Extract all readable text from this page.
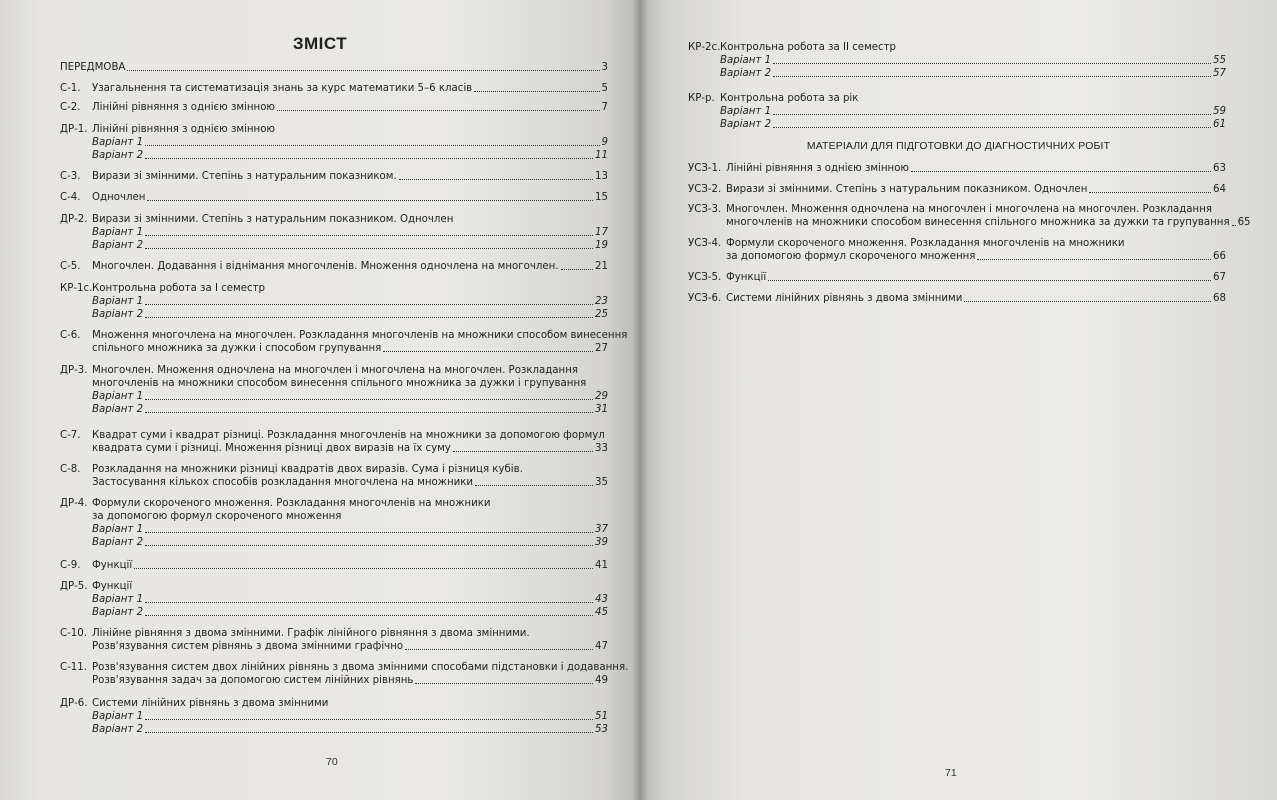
ЗМІСТ
ПЕРЕДМОВА	3
С-1. Узагальнення та систематизація знань за курс математики 5–6 класів	5
С-2. Лінійні рівняння з однією змінною	7
ДР-1. Лінійні рівняння з однією змінною
Варіант 1	9
Варіант 2	11
С-3. Вирази зі змінними. Степінь з натуральним показником.	13
С-4. Одночлен	15
ДР-2. Вирази зі змінними. Степінь з натуральним показником. Одночлен
Варіант 1	17
Варіант 2	19
С-5. Многочлен. Додавання і віднімання многочленів. Множення одночлена на многочлен.	21
КР-1с. Контрольна робота за І семестр
Варіант 1	23
Варіант 2	25
С-6. Множення многочлена на многочлен. Розкладання многочленів на множники способом винесення
спільного множника за дужки і способом групування	27
ДР-3. Многочлен. Множення одночлена на многочлен і многочлена на многочлен. Розкладання
многочленів на множники способом винесення спільного множника за дужки і групування
Варіант 1	29
Варіант 2	31
С-7. Квадрат суми і квадрат різниці. Розкладання многочленів на множники за допомогою формул
квадрата суми і різниці. Множення різниці двох виразів на їх суму	33
С-8. Розкладання на множники різниці квадратів двох виразів. Сума і різниця кубів.
Застосування кількох способів розкладання многочлена на множники	35
ДР-4. Формули скороченого множення. Розкладання многочленів на множники
за допомогою формул скороченого множення
Варіант 1	37
Варіант 2	39
С-9. Функції	41
ДР-5. Функції
Варіант 1	43
Варіант 2	45
С-10. Лінійне рівняння з двома змінними. Графік лінійного рівняння з двома змінними.
Розв'язування систем рівнянь з двома змінними графічно	47
С-11. Розв'язування систем двох лінійних рівнянь з двома змінними способами підстановки і додавання.
Розв'язування задач за допомогою систем лінійних рівнянь	49
ДР-6. Системи лінійних рівнянь з двома змінними
Варіант 1	51
Варіант 2	53
70
КР-2с. Контрольна робота за ІІ семестр
Варіант 1	55
Варіант 2	57
КР-р. Контрольна робота за рік
Варіант 1	59
Варіант 2	61
УСЗ-1. Лінійні рівняння з однією змінною	63
УСЗ-2. Вирази зі змінними. Степінь з натуральним показником. Одночлен	64
УСЗ-3. Многочлен. Множення одночлена на многочлен і многочлена на многочлен. Розкладання
многочленів на множники способом винесення спільного множника за дужки та групування 65
УСЗ-4. Формули скороченого множення. Розкладання многочленів на множники
за допомогою формул скороченого множення	66
УСЗ-5. Функції	67
УСЗ-6. Системи лінійних рівнянь з двома змінними	68
МАТЕРІАЛИ ДЛЯ ПІДГОТОВКИ ДО ДІАГНОСТИЧНИХ РОБІТ
71
